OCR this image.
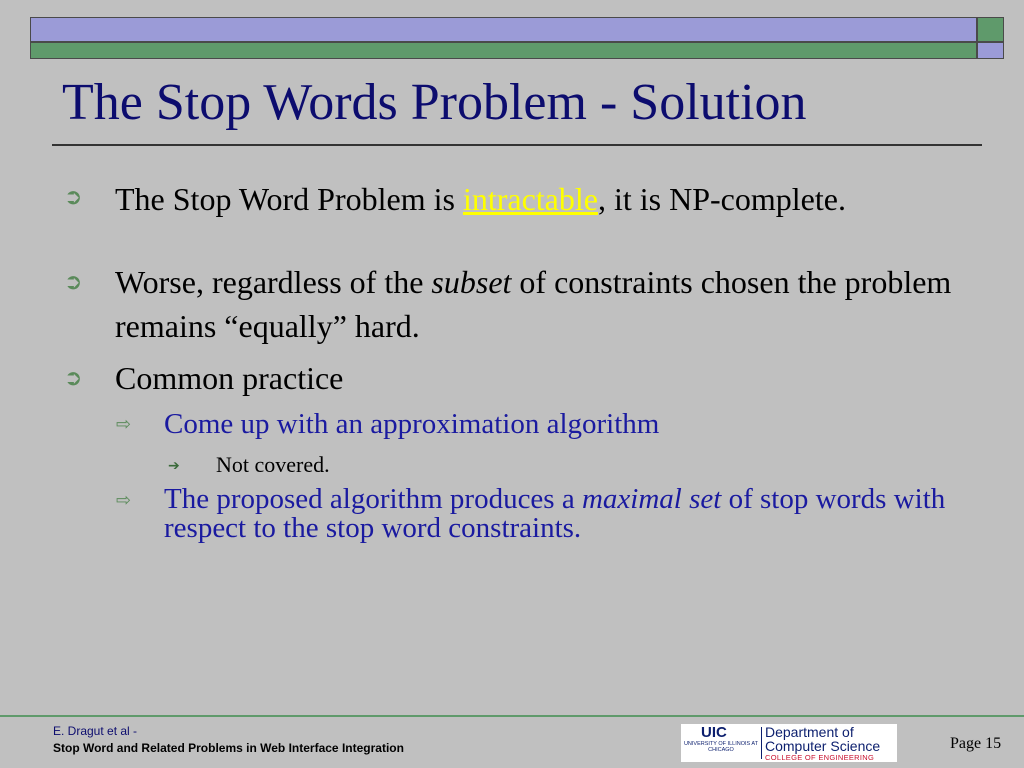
The Stop Words Problem - Solution
➲ The Stop Word Problem is intractable, it is NP-complete.

➲ Worse, regardless of the subset of constraints chosen the problem remains “equally” hard.

➲ Common practice

⇨ Come up with an approximation algorithm

➔ Not covered.

⇨ The proposed algorithm produces a maximal set of stop words with respect to the stop word constraints.

E. Dragut et al -
Stop Word and Related Problems in Web Interface Integration
UIC
UNIVERSITY OF ILLINOIS AT CHICAGO
Department of
Computer Science
COLLEGE OF ENGINEERING
Page 15
